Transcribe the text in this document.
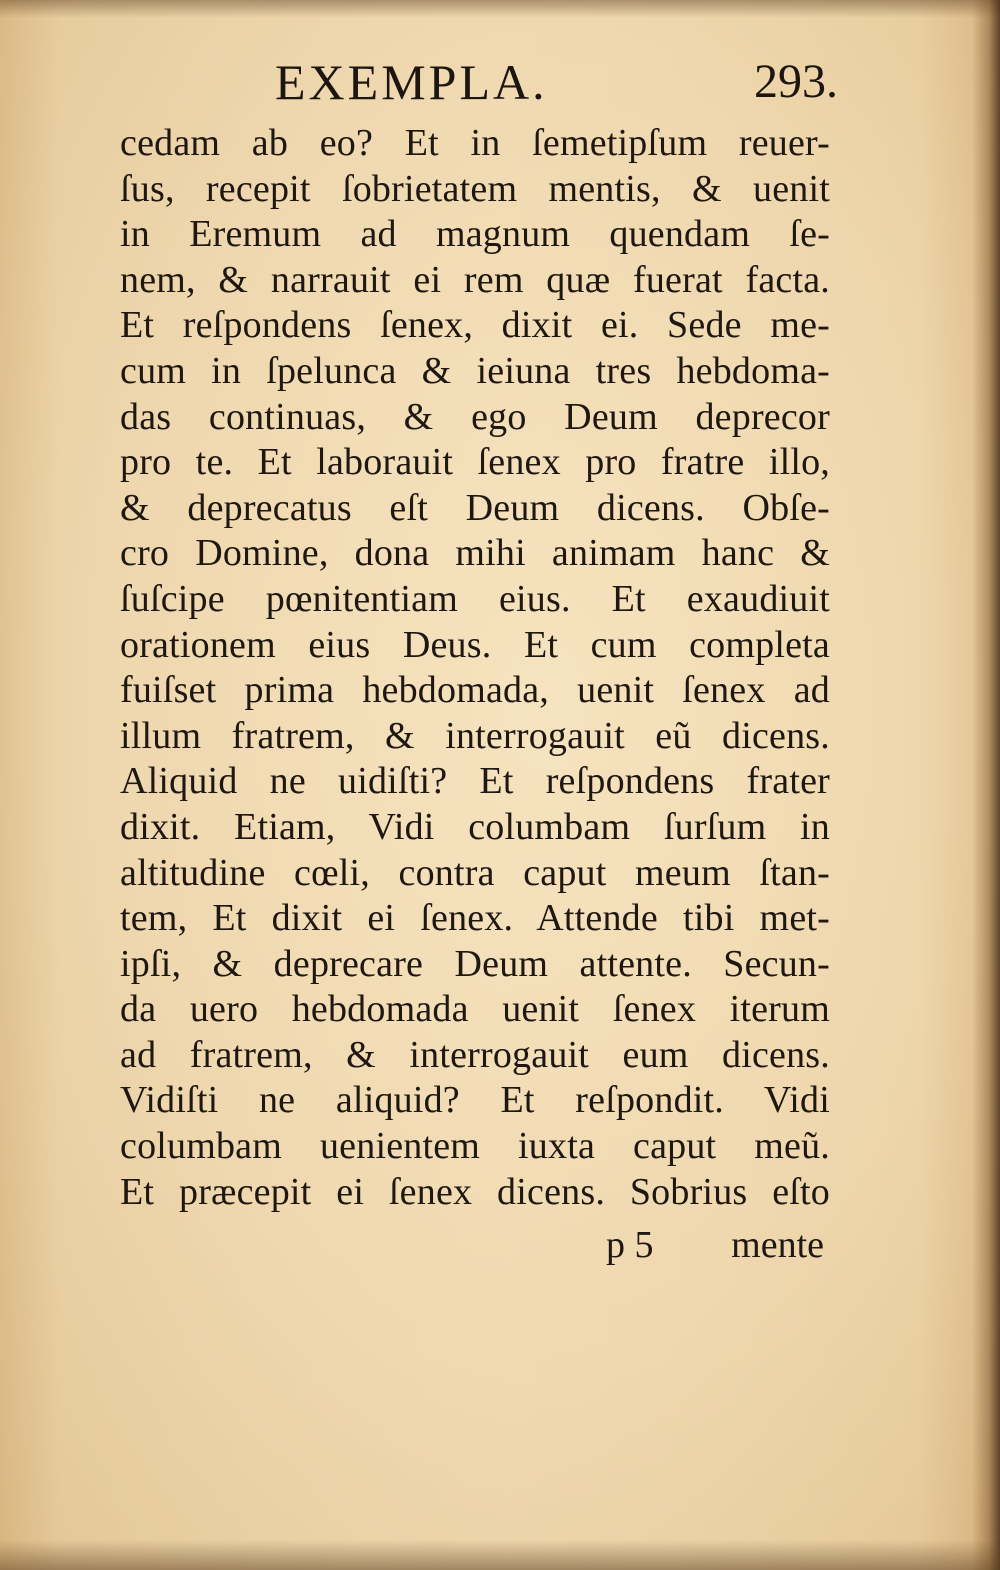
EXEMPLA.	293.
cedam ab eo? Et in ſemetipſum reuer-
ſus, recepit ſobrietatem mentis, & uenit
in Eremum ad magnum quendam ſe-
nem, & narrauit ei rem quæ fuerat facta.
Et reſpondens ſenex, dixit ei. Sede me-
cum in ſpelunca & ieiuna tres hebdoma-
das continuas, & ego Deum deprecor
pro te. Et laborauit ſenex pro fratre illo,
& deprecatus eſt Deum dicens. Obſe-
cro Domine, dona mihi animam hanc &
ſuſcipe pœnitentiam eius. Et exaudiuit
orationem eius Deus. Et cum completa
fuiſset prima hebdomada, uenit ſenex ad
illum fratrem, & interrogauit eũ dicens.
Aliquid ne uidiſti? Et reſpondens frater
dixit. Etiam, Vidi columbam ſurſum in
altitudine cœli, contra caput meum ſtan-
tem, Et dixit ei ſenex. Attende tibi met-
ipſi, & deprecare Deum attente. Secun-
da uero hebdomada uenit ſenex iterum
ad fratrem, & interrogauit eum dicens.
Vidiſti ne aliquid? Et reſpondit. Vidi
columbam uenientem iuxta caput meũ.
Et præcepit ei ſenex dicens. Sobrius eſto
p 5 mente
